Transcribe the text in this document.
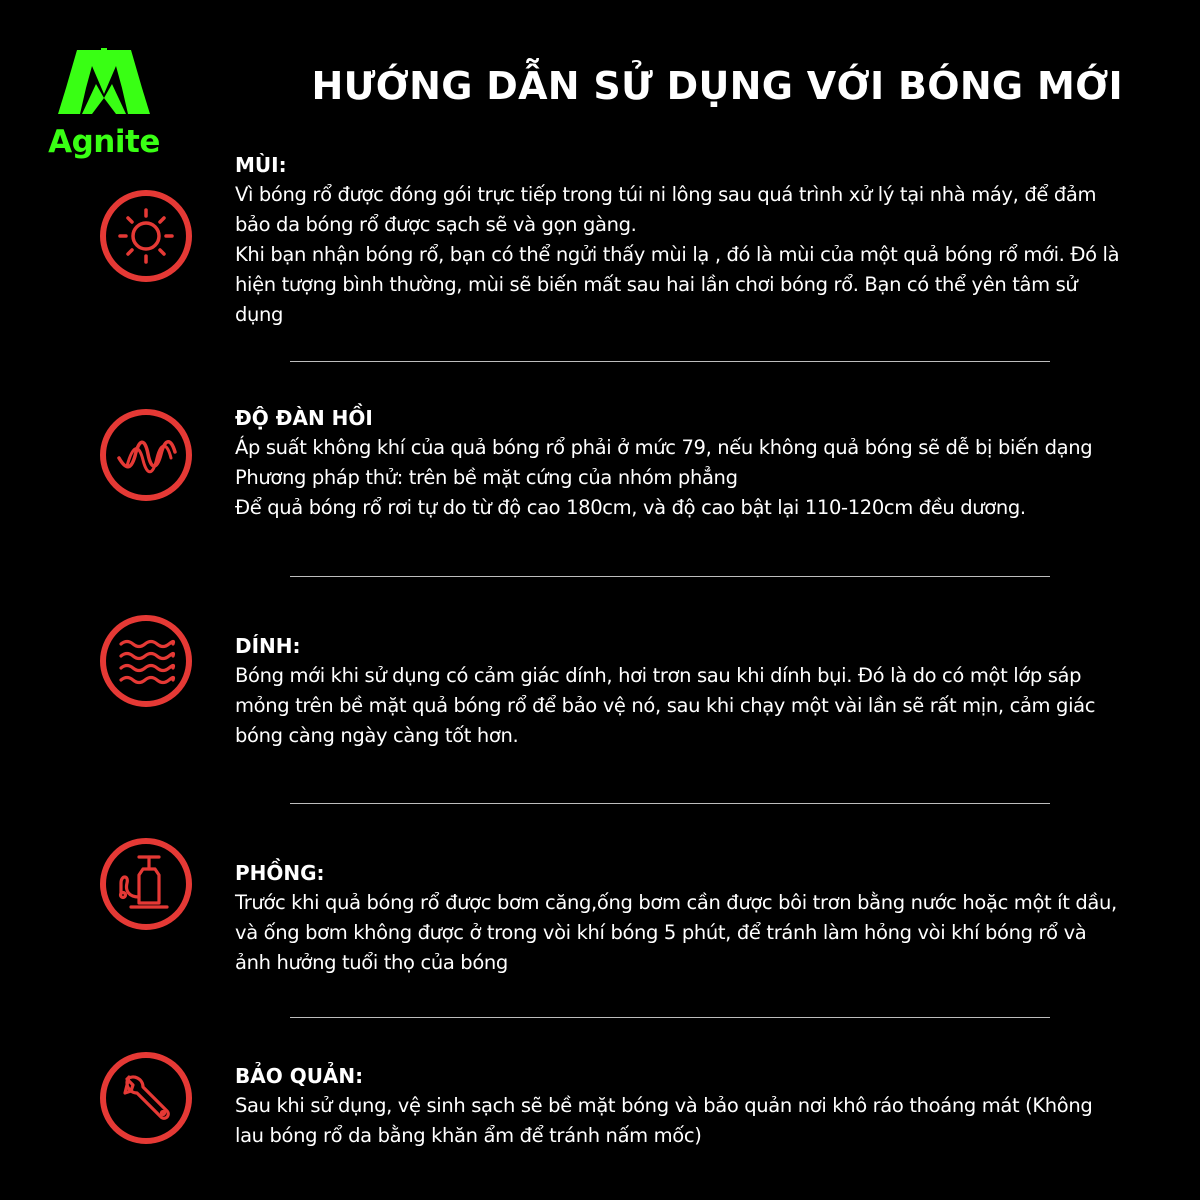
Agnite
HƯỚNG DẪN SỬ DỤNG VỚI BÓNG MỚI

MÙI:

Vì bóng rổ được đóng gói trực tiếp trong túi ni lông sau quá trình xử lý tại nhà máy, để đảm bảo da bóng rổ được sạch sẽ và gọn gàng.

Khi bạn nhận bóng rổ, bạn có thể ngửi thấy mùi lạ , đó là mùi của một quả bóng rổ mới. Đó là hiện tượng bình thường, mùi sẽ biến mất sau hai lần chơi bóng rổ. Bạn có thể yên tâm sử dụng

ĐỘ ĐÀN HỒI

Áp suất không khí của quả bóng rổ phải ở mức 79, nếu không quả bóng sẽ dễ bị biến dạng Phương pháp thử: trên bề mặt cứng của nhóm phẳng

Để quả bóng rổ rơi tự do từ độ cao 180cm, và độ cao bật lại 110-120cm đều dương.

DÍNH:

Bóng mới khi sử dụng có cảm giác dính, hơi trơn sau khi dính bụi. Đó là do có một lớp sáp mỏng trên bề mặt quả bóng rổ để bảo vệ nó, sau khi chạy một vài lần sẽ rất mịn, cảm giác bóng càng ngày càng tốt hơn.

PHỒNG:

Trước khi quả bóng rổ được bơm căng,ống bơm cần được bôi trơn bằng nước hoặc một ít dầu, và ống bơm không được ở trong vòi khí bóng 5 phút, để tránh làm hỏng vòi khí bóng rổ và ảnh hưởng tuổi thọ của bóng

BẢO QUẢN:

Sau khi sử dụng, vệ sinh sạch sẽ bề mặt bóng và bảo quản nơi khô ráo thoáng mát (Không lau bóng rổ da bằng khăn ẩm để tránh nấm mốc)
